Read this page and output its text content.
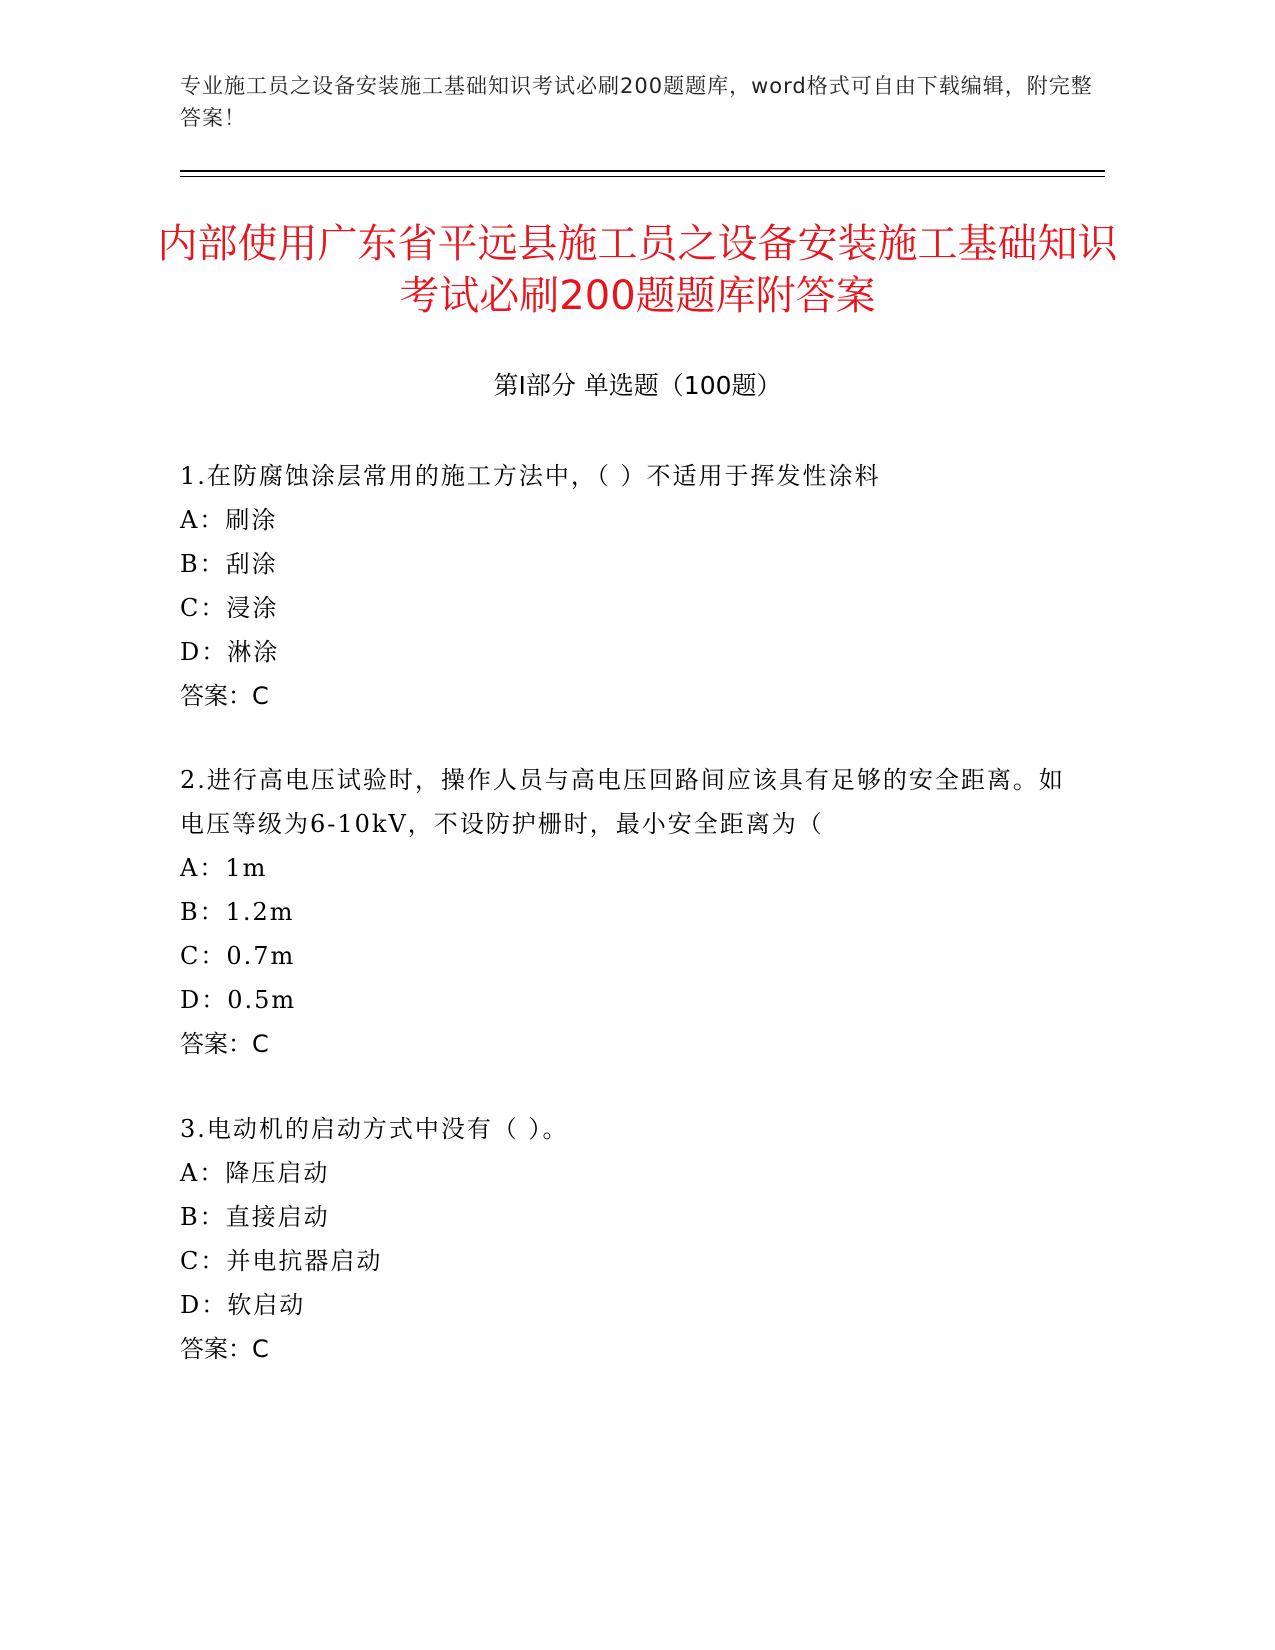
专业施工员之设备安装施工基础知识考试必刷200题题库，word格式可自由下载编辑，附完整答案！
内部使用广东省平远县施工员之设备安装施工基础知识考试必刷200题题库附答案
第Ⅰ部分 单选题（100题）

1.在防腐蚀涂层常用的施工方法中，（ ）不适用于挥发性涂料

A：刷涂

B：刮涂

C：浸涂

D：淋涂

答案：C

2.进行高电压试验时，操作人员与高电压回路间应该具有足够的安全距离。如电压等级为6-10kV，不设防护栅时，最小安全距离为（

A：1m

B：1.2m

C：0.7m

D：0.5m

答案：C

3.电动机的启动方式中没有（ ）。

A：降压启动

B：直接启动

C：并电抗器启动

D：软启动

答案：C
